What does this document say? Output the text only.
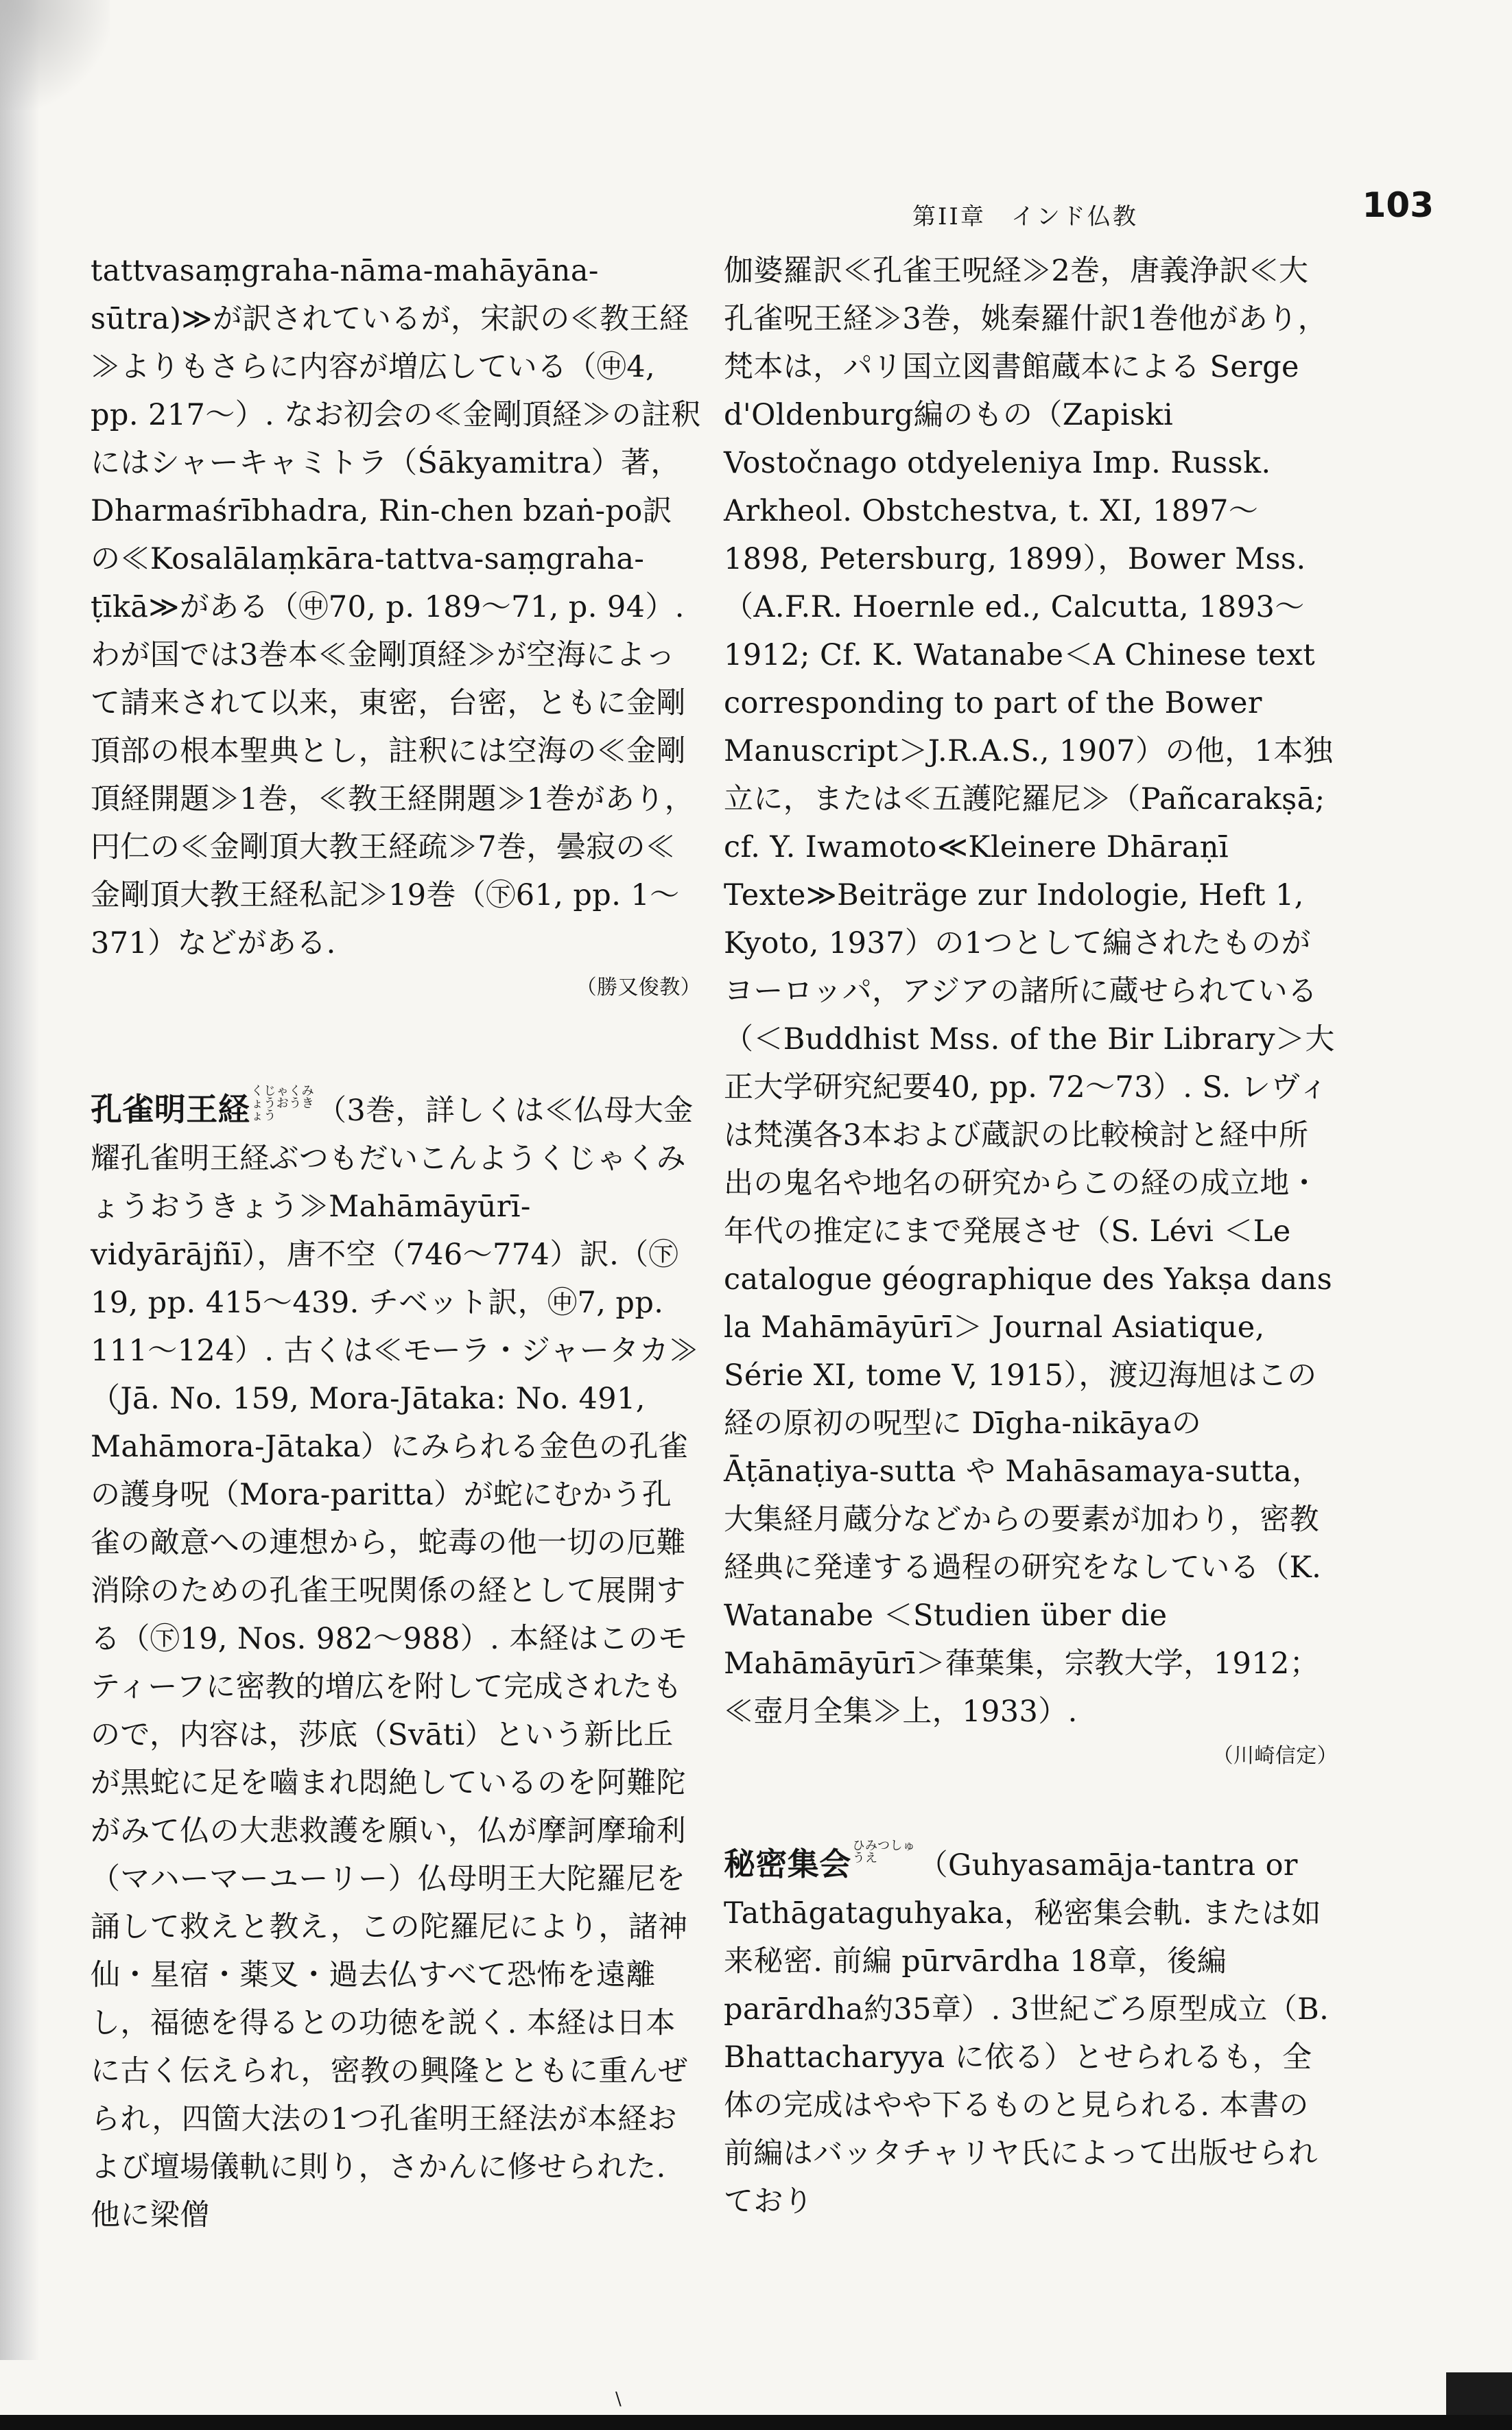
第II章　インド仏教	103

tattvasaṃgraha-nāma-mahāyāna-sūtra)≫が訳されているが，宋訳の≪教王経≫よりもさらに内容が増広している（㊥4, pp. 217〜）. なお初会の≪金剛頂経≫の註釈にはシャーキャミトラ（Śākyamitra）著，Dharmaśrībhadra, Rin-chen bzaṅ-po訳の≪Kosalālaṃkāra-tattva-saṃgraha-ṭīkā≫がある（㊥70, p. 189〜71, p. 94）. わが国では3巻本≪金剛頂経≫が空海によって請来されて以来，東密，台密，ともに金剛頂部の根本聖典とし，註釈には空海の≪金剛頂経開題≫1巻，≪教王経開題≫1巻があり，円仁の≪金剛頂大教王経疏≫7巻，曇寂の≪金剛頂大教王経私記≫19巻（㊦61, pp. 1〜371）などがある.

（勝又俊教）

孔雀明王経 くじゃくみょうおうきょう （3巻，詳しくは≪仏母大金耀孔雀明王経ぶつもだいこんようくじゃくみょうおうきょう≫Mahāmāyūrī-vidyārājñī），唐不空（746〜774）訳.（㊦19, pp. 415〜439. チベット訳，㊥7, pp. 111〜124）. 古くは≪モーラ・ジャータカ≫（Jā. No. 159, Mora-Jātaka: No. 491, Mahāmora-Jātaka）にみられる金色の孔雀の護身呪（Mora-paritta）が蛇にむかう孔雀の敵意への連想から，蛇毒の他一切の厄難消除のための孔雀王呪関係の経として展開する（㊦19, Nos. 982〜988）. 本経はこのモティーフに密教的増広を附して完成されたもので，内容は，莎底（Svāti）という新比丘が黒蛇に足を嚙まれ悶絶しているのを阿難陀がみて仏の大悲救護を願い，仏が摩訶摩瑜利（マハーマーユーリー）仏母明王大陀羅尼を誦して救えと教え，この陀羅尼により，諸神仙・星宿・薬叉・過去仏すべて恐怖を遠離し，福徳を得るとの功徳を説く. 本経は日本に古く伝えられ，密教の興隆とともに重んぜられ，四箇大法の1つ孔雀明王経法が本経および壇場儀軌に則り，さかんに修せられた. 他に梁僧

伽婆羅訳≪孔雀王呪経≫2巻，唐義浄訳≪大孔雀呪王経≫3巻，姚秦羅什訳1巻他があり，梵本は，パリ国立図書館蔵本による Serge d'Oldenburg編のもの（Zapiski Vostočnago otdyeleniya Imp. Russk. Arkheol. Obstchestva, t. XI, 1897〜1898, Petersburg, 1899），Bower Mss.（A.F.R. Hoernle ed., Calcutta, 1893〜1912; Cf. K. Watanabe＜A Chinese text corresponding to part of the Bower Manuscript＞J.R.A.S., 1907）の他，1本独立に，または≪五護陀羅尼≫（Pañcarakṣā; cf. Y. Iwamoto≪Kleinere Dhāraṇī Texte≫Beiträge zur Indologie, Heft 1, Kyoto, 1937）の1つとして編されたものがヨーロッパ，アジアの諸所に蔵せられている（＜Buddhist Mss. of the Bir Library＞大正大学研究紀要40, pp. 72〜73）. S. レヴィは梵漢各3本および蔵訳の比較検討と経中所出の鬼名や地名の研究からこの経の成立地・年代の推定にまで発展させ（S. Lévi ＜Le catalogue géographique des Yakṣa dans la Mahāmāyūrī＞ Journal Asiatique, Série XI, tome V, 1915），渡辺海旭はこの経の原初の呪型に Dīgha-nikāyaの Āṭānaṭiya-sutta や Mahāsamaya-sutta，大集経月蔵分などからの要素が加わり，密教経典に発達する過程の研究をなしている（K. Watanabe ＜Studien über die Mahāmāyūrī＞葎葉集，宗教大学，1912；≪壺月全集≫上，1933）.

（川崎信定）

秘密集会 ひみつしゅうえ （Guhyasamāja-tantra or Tathāgataguhyaka，秘密集会軌. または如来秘密. 前編 pūrvārdha 18章，後編 parārdha約35章）. 3世紀ごろ原型成立（B. Bhattacharyya に依る）とせられるも，全体の完成はやや下るものと見られる. 本書の前編はバッタチャリヤ氏によって出版せられており

\
